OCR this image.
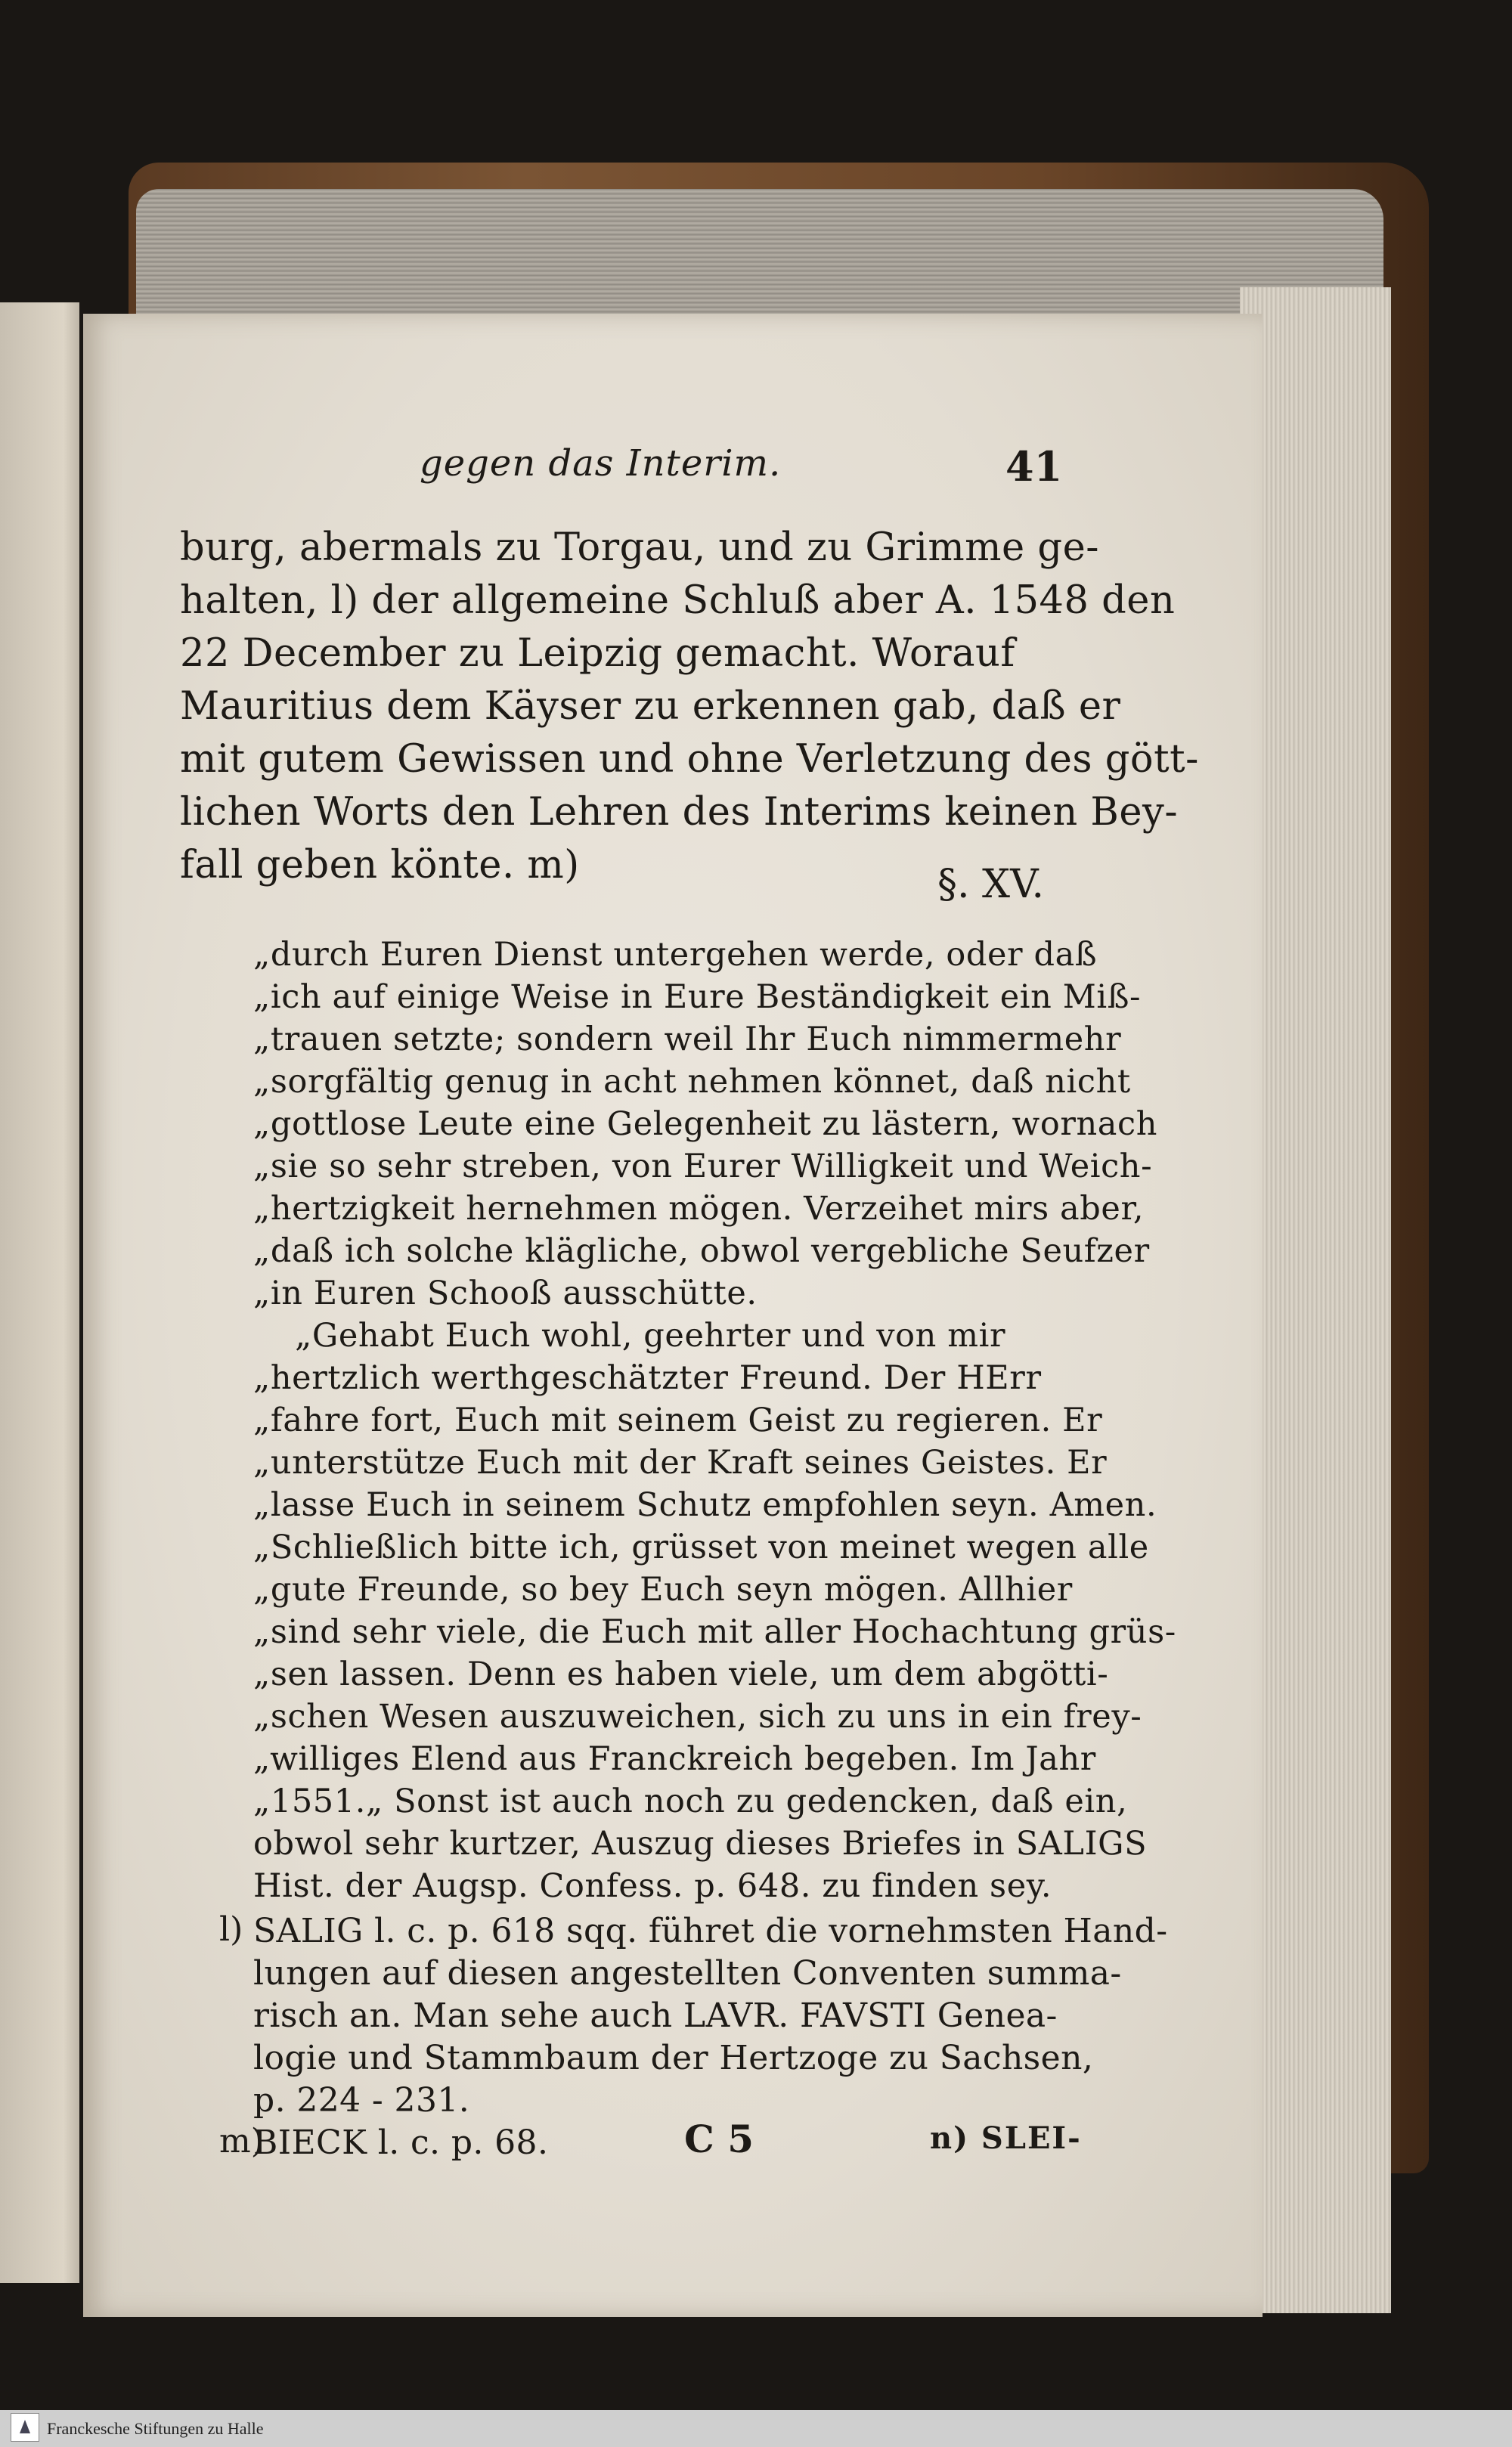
gegen das Interim.	41
burg, abermals zu Torgau, und zu Grimme ge-
halten, l) der allgemeine Schluß aber A. 1548 den
22 December zu Leipzig gemacht. Worauf
Mauritius dem Käyser zu erkennen gab, daß er
mit gutem Gewissen und ohne Verletzung des gött-
lichen Worts den Lehren des Interims keinen Bey-
fall geben könte. m)	§. XV.
„durch Euren Dienst untergehen werde, oder daß
„ich auf einige Weise in Eure Beständigkeit ein Miß-
„trauen setzte; sondern weil Ihr Euch nimmermehr
„sorgfältig genug in acht nehmen könnet, daß nicht
„gottlose Leute eine Gelegenheit zu lästern, wornach
„sie so sehr streben, von Eurer Willigkeit und Weich-
„hertzigkeit hernehmen mögen. Verzeihet mirs aber,
„daß ich solche klägliche, obwol vergebliche Seufzer
„in Euren Schooß ausschütte.
„Gehabt Euch wohl, geehrter und von mir
„hertzlich werthgeschätzter Freund. Der HErr
„fahre fort, Euch mit seinem Geist zu regieren. Er
„unterstütze Euch mit der Kraft seines Geistes. Er
„lasse Euch in seinem Schutz empfohlen seyn. Amen.
„Schließlich bitte ich, grüsset von meinet wegen alle
„gute Freunde, so bey Euch seyn mögen. Allhier
„sind sehr viele, die Euch mit aller Hochachtung grüs-
„sen lassen. Denn es haben viele, um dem abgötti-
„schen Wesen auszuweichen, sich zu uns in ein frey-
„williges Elend aus Franckreich begeben. Im Jahr
„1551.„ Sonst ist auch noch zu gedencken, daß ein,
obwol sehr kurtzer, Auszug dieses Briefes in SALIGS
Hist. der Augsp. Confess. p. 648. zu finden sey.
l) SALIG l. c. p. 618 sqq. führet die vornehmsten Hand-
lungen auf diesen angestellten Conventen summa-
risch an. Man sehe auch LAVR. FAVSTI Genea-
logie und Stammbaum der Hertzoge zu Sachsen,
p. 224 - 231.
m)
BIECK l. c. p. 68.	C 5	n) SLEI-
Franckesche Stiftungen zu Halle
